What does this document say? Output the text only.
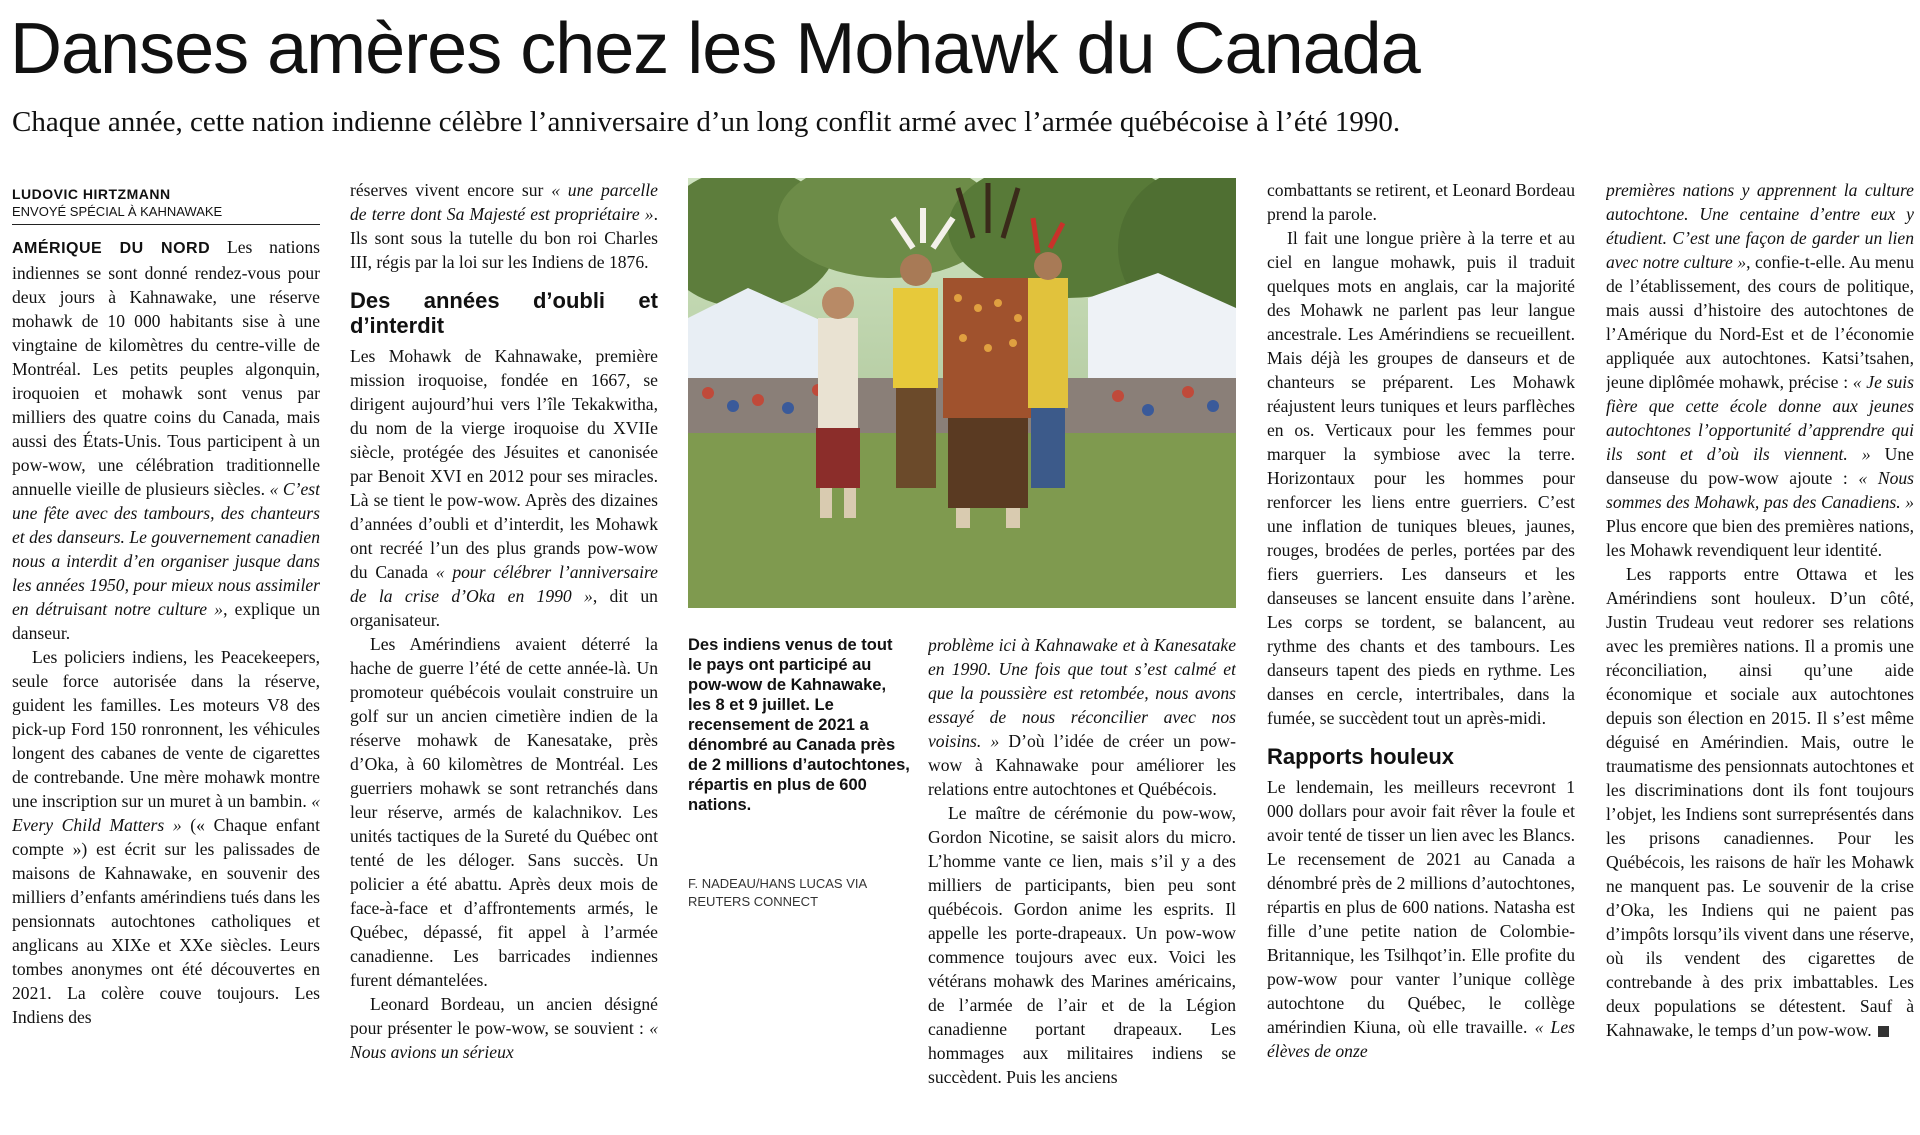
Danses amères chez les Mohawk du Canada
Chaque année, cette nation indienne célèbre l’anniversaire d’un long conflit armé avec l’armée québécoise à l’été 1990.
LUDOVIC HIRTZMANN
ENVOYÉ SPÉCIAL À KAHNAWAKE

AMÉRIQUE DU NORD Les nations indiennes se sont donné rendez-vous pour deux jours à Kahnawake, une réserve mohawk de 10 000 habitants sise à une vingtaine de kilomètres du centre-ville de Montréal. Les petits peuples algonquin, iroquoien et mohawk sont venus par milliers des quatre coins du Canada, mais aussi des États-Unis. Tous participent à un pow-wow, une célébration traditionnelle annuelle vieille de plusieurs siècles. « C’est une fête avec des tambours, des chanteurs et des danseurs. Le gouvernement canadien nous a interdit d’en organiser jusque dans les années 1950, pour mieux nous assimiler en détruisant notre culture », explique un danseur.

Les policiers indiens, les Peacekeepers, seule force autorisée dans la réserve, guident les familles. Les moteurs V8 des pick-up Ford 150 ronronnent, les véhicules longent des cabanes de vente de cigarettes de contrebande. Une mère mohawk montre une inscription sur un muret à un bambin. « Every Child Matters » (« Chaque enfant compte ») est écrit sur les palissades de maisons de Kahnawake, en souvenir des milliers d’enfants amérindiens tués dans les pensionnats autochtones catholiques et anglicans au XIXe et XXe siècles. Leurs tombes anonymes ont été découvertes en 2021. La colère couve toujours. Les Indiens des

réserves vivent encore sur « une parcelle de terre dont Sa Majesté est propriétaire ». Ils sont sous la tutelle du bon roi Charles III, régis par la loi sur les Indiens de 1876.

Des années d’oubli et d’interdit

Les Mohawk de Kahnawake, première mission iroquoise, fondée en 1667, se dirigent aujourd’hui vers l’île Tekakwitha, du nom de la vierge iroquoise du XVIIe siècle, protégée des Jésuites et canonisée par Benoit XVI en 2012 pour ses miracles. Là se tient le pow-wow. Après des dizaines d’années d’oubli et d’interdit, les Mohawk ont recréé l’un des plus grands pow-wow du Canada « pour célébrer l’anniversaire de la crise d’Oka en 1990 », dit un organisateur.

Les Amérindiens avaient déterré la hache de guerre l’été de cette année-là. Un promoteur québécois voulait construire un golf sur un ancien cimetière indien de la réserve mohawk de Kanesatake, près d’Oka, à 60 kilomètres de Montréal. Les guerriers mohawk se sont retranchés dans leur réserve, armés de kalachnikov. Les unités tactiques de la Sureté du Québec ont tenté de les déloger. Sans succès. Un policier a été abattu. Après deux mois de face-à-face et d’affrontements armés, le Québec, dépassé, fit appel à l’armée canadienne. Les barricades indiennes furent démantelées.

Leonard Bordeau, un ancien désigné pour présenter le pow-wow, se souvient : « Nous avions un sérieux

Des indiens venus de tout le pays ont participé au pow-wow de Kahnawake, les 8 et 9 juillet. Le recensement de 2021 a dénombré au Canada près de 2 millions d’autochtones, répartis en plus de 600 nations.
F. NADEAU/HANS LUCAS VIA REUTERS CONNECT

problème ici à Kahnawake et à Kanesatake en 1990. Une fois que tout s’est calmé et que la poussière est retombée, nous avons essayé de nous réconcilier avec nos voisins. » D’où l’idée de créer un pow-wow à Kahnawake pour améliorer les relations entre autochtones et Québécois.

Le maître de cérémonie du pow-wow, Gordon Nicotine, se saisit alors du micro. L’homme vante ce lien, mais s’il y a des milliers de participants, bien peu sont québécois. Gordon anime les esprits. Il appelle les porte-drapeaux. Un pow-wow commence toujours avec eux. Voici les vétérans mohawk des Marines américains, de l’armée de l’air et de la Légion canadienne portant drapeaux. Les hommages aux militaires indiens se succèdent. Puis les anciens

combattants se retirent, et Leonard Bordeau prend la parole.

Il fait une longue prière à la terre et au ciel en langue mohawk, puis il traduit quelques mots en anglais, car la majorité des Mohawk ne parlent pas leur langue ancestrale. Les Amérindiens se recueillent. Mais déjà les groupes de danseurs et de chanteurs se préparent. Les Mohawk réajustent leurs tuniques et leurs parflèches en os. Verticaux pour les femmes pour marquer la symbiose avec la terre. Horizontaux pour les hommes pour renforcer les liens entre guerriers. C’est une inflation de tuniques bleues, jaunes, rouges, brodées de perles, portées par des fiers guerriers. Les danseurs et les danseuses se lancent ensuite dans l’arène. Les corps se tordent, se balancent, au rythme des chants et des tambours. Les danseurs tapent des pieds en rythme. Les danses en cercle, intertribales, dans la fumée, se succèdent tout un après-midi.

Rapports houleux

Le lendemain, les meilleurs recevront 1 000 dollars pour avoir fait rêver la foule et avoir tenté de tisser un lien avec les Blancs. Le recensement de 2021 au Canada a dénombré près de 2 millions d’autochtones, répartis en plus de 600 nations. Natasha est fille d’une petite nation de Colombie-Britannique, les Tsilhqot’in. Elle profite du pow-wow pour vanter l’unique collège autochtone du Québec, le collège amérindien Kiuna, où elle travaille. « Les élèves de onze

premières nations y apprennent la culture autochtone. Une centaine d’entre eux y étudient. C’est une façon de garder un lien avec notre culture », confie-t-elle. Au menu de l’établissement, des cours de politique, mais aussi d’histoire des autochtones de l’Amérique du Nord-Est et de l’économie appliquée aux autochtones. Katsi’tsahen, jeune diplômée mohawk, précise : « Je suis fière que cette école donne aux jeunes autochtones l’opportunité d’apprendre qui ils sont et d’où ils viennent. » Une danseuse du pow-wow ajoute : « Nous sommes des Mohawk, pas des Canadiens. » Plus encore que bien des premières nations, les Mohawk revendiquent leur identité.

Les rapports entre Ottawa et les Amérindiens sont houleux. D’un côté, Justin Trudeau veut redorer ses relations avec les premières nations. Il a promis une réconciliation, ainsi qu’une aide économique et sociale aux autochtones depuis son élection en 2015. Il s’est même déguisé en Amérindien. Mais, outre le traumatisme des pensionnats autochtones et les discriminations dont ils font toujours l’objet, les Indiens sont surreprésentés dans les prisons canadiennes. Pour les Québécois, les raisons de haïr les Mohawk ne manquent pas. Le souvenir de la crise d’Oka, les Indiens qui ne paient pas d’impôts lorsqu’ils vivent dans une réserve, où ils vendent des cigarettes de contrebande à des prix imbattables. Les deux populations se détestent. Sauf à Kahnawake, le temps d’un pow-wow.
